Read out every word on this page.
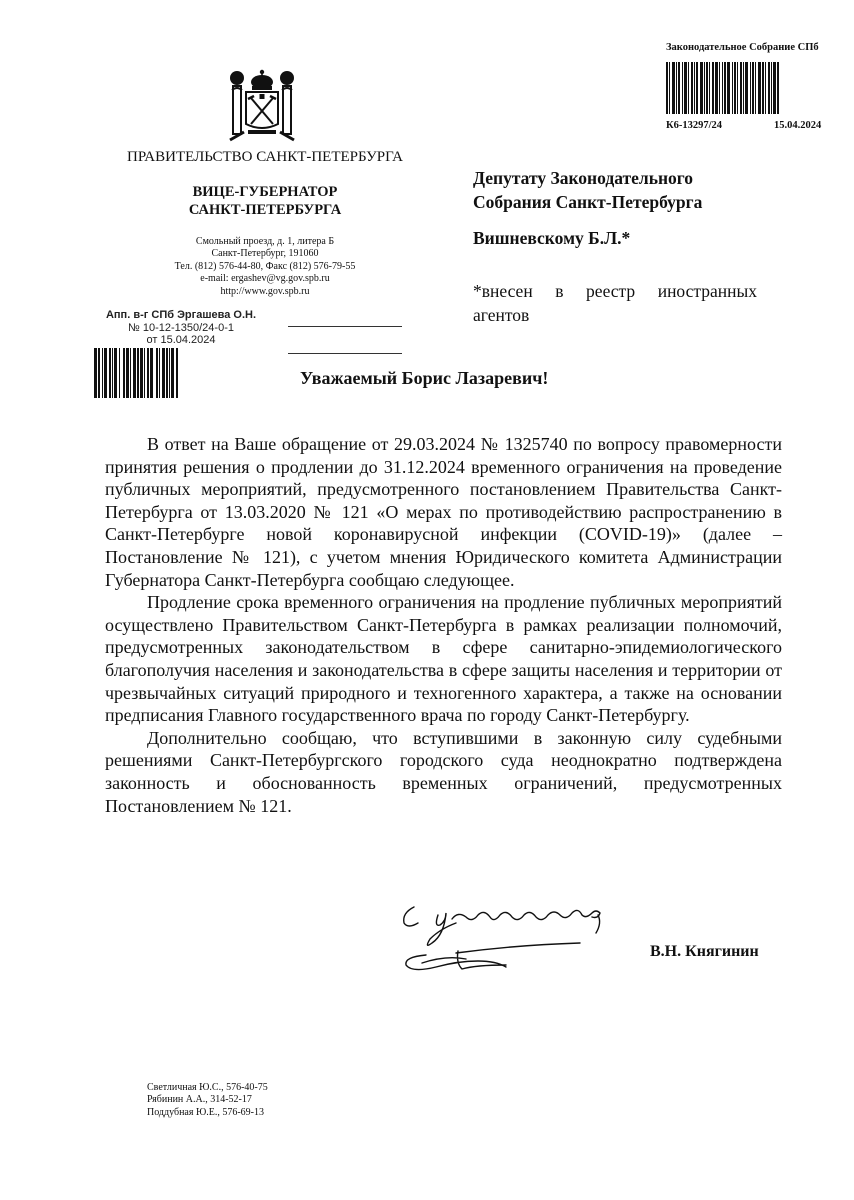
Законодательное Собрание СПб
К6-13297/24	15.04.2024
ПРАВИТЕЛЬСТВО САНКТ-ПЕТЕРБУРГА
ВИЦЕ-ГУБЕРНАТОР
САНКТ-ПЕТЕРБУРГА
Смольный проезд, д. 1, литера Б
Санкт-Петербург, 191060
Тел. (812) 576-44-80, Факс (812) 576-79-55
e-mail: ergashev@vg.gov.spb.ru
http://www.gov.spb.ru
Апп. в-г СПб Эргашева О.Н.
№ 10-12-1350/24-0-1
от 15.04.2024
Депутату Законодательного
Собрания Санкт-Петербурга
Вишневскому Б.Л.*
*внесен в реестр иностранных агентов
Уважаемый Борис Лазаревич!

В ответ на Ваше обращение от 29.03.2024 № 1325740 по вопросу правомерности принятия решения о продлении до 31.12.2024 временного ограничения на проведение публичных мероприятий, предусмотренного постановлением Правительства Санкт-Петербурга от 13.03.2020 № 121 «О мерах по противодействию распространению в Санкт-Петербурге новой коронавирусной инфекции (COVID-19)» (далее – Постановление № 121), с учетом мнения Юридического комитета Администрации Губернатора Санкт-Петербурга сообщаю следующее.

Продление срока временного ограничения на продление публичных мероприятий осуществлено Правительством Санкт-Петербурга в рамках реализации полномочий, предусмотренных законодательством в сфере санитарно-эпидемиологического благополучия населения и законодательства в сфере защиты населения и территории от чрезвычайных ситуаций природного и техногенного характера, а также на основании предписания Главного государственного врача по городу Санкт-Петербургу.

Дополнительно сообщаю, что вступившими в законную силу судебными решениями Санкт-Петербургского городского суда неоднократно подтверждена законность и обоснованность временных ограничений, предусмотренных Постановлением № 121.

В.Н. Княгинин
Светличная Ю.С., 576-40-75
Рябинин А.А., 314-52-17
Поддубная Ю.Е., 576-69-13
